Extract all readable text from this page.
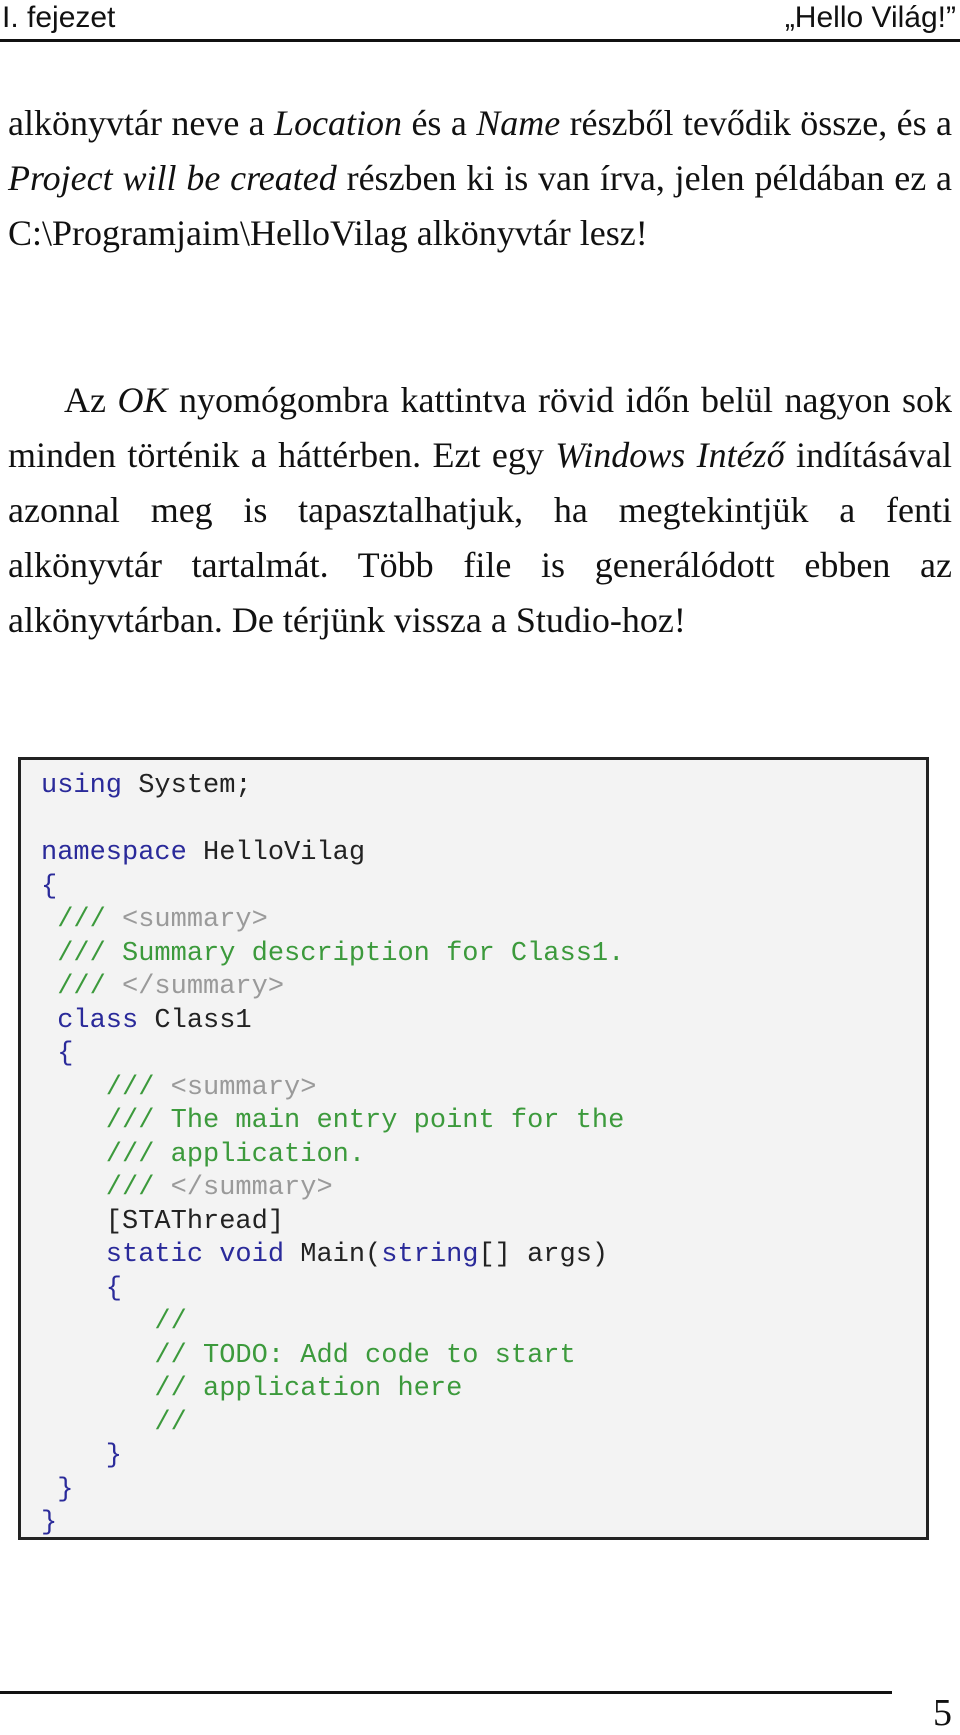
I. fejezet	„Hello Világ!”

alkönyvtár neve a Location és a Name részből tevődik össze, és a Project will be created részben ki is van írva, jelen példában ez a C:\Programjaim\HelloVilag alkönyvtár lesz!

Az OK nyomógombra kattintva rövid időn belül nagyon sok minden történik a háttérben. Ezt egy Windows Intéző indításával azonnal meg is tapasztalhatjuk, ha megtekintjük a fenti alkönyvtár tartalmát. Több file is generálódott ebben az alkönyvtárban. De térjünk vissza a Studio-hoz!

using System;
namespace HelloVilag
{
/// <summary>
/// Summary description for Class1.
/// </summary>
class Class1
{
/// <summary>
/// The main entry point for the
/// application.
/// </summary>
[STAThread]
static void Main(string[] args)
{
//
// TODO: Add code to start
// application here
//
}
}
}
5
